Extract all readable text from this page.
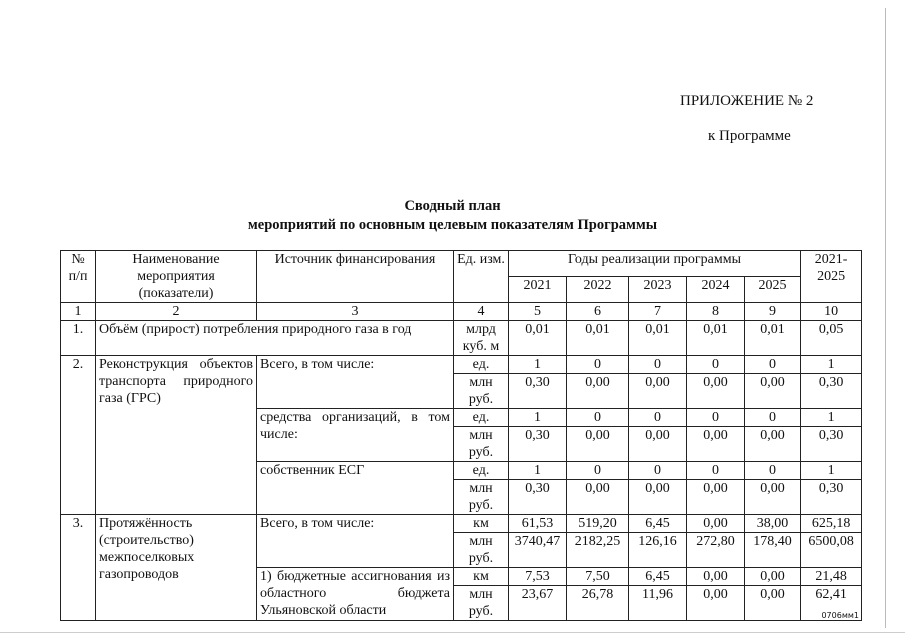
ПРИЛОЖЕНИЕ № 2
к Программе
Сводный план
мероприятий по основным целевым показателям Программы
№ п/п	Наименование мероприятия (показатели)	Источник финансирования	Ед. изм.	Годы реализации программы					2021-2025
				2021	2022	2023	2024	2025	
1	2	3	4	5	6	7	8	9	10
1.	Объём (прирост) потребления природного газа в год		млрд куб. м	0,01	0,01	0,01	0,01	0,01	0,05
2.	Реконструкция объектов транспорта природного газа (ГРС)	Всего, в том числе:	ед.	1	0	0	0	0	1
			млн руб.	0,30	0,00	0,00	0,00	0,00	0,30
		средства организаций, в том числе:	ед.	1	0	0	0	0	1
			млн руб.	0,30	0,00	0,00	0,00	0,00	0,30
		собственник ЕСГ	ед.	1	0	0	0	0	1
			млн руб.	0,30	0,00	0,00	0,00	0,00	0,30
3.	Протяжённость (строительство) межпоселковых газопроводов	Всего, в том числе:	км	61,53	519,20	6,45	0,00	38,00	625,18
			млн руб.	3740,47	2182,25	126,16	272,80	178,40	6500,08
		1) бюджетные ассигнования из областного бюджета Ульяновской области	км	7,53	7,50	6,45	0,00	0,00	21,48
			млн руб.	23,67	26,78	11,96	0,00	0,00	62,41
0706мм1
